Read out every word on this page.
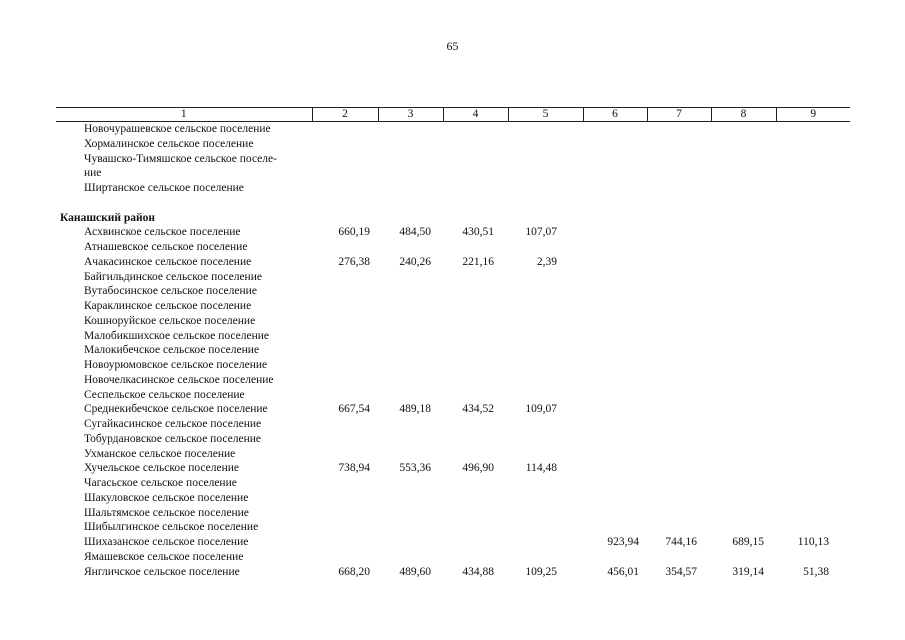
65
1	2	3	4	5	6	7	8	9
Новочурашевское сельское поселение								
Хормалинское сельское поселение								
Чувашско-Тимяшское сельское поселе-								
ние								
Ширтанское сельское поселение								

Канашский район								
Асхвинское сельское поселение	660,19	484,50	430,51	107,07				
Атнашевское сельское поселение								
Ачакасинское сельское поселение	276,38	240,26	221,16	2,39				
Байгильдинское сельское поселение								
Вутабосинское сельское поселение								
Караклинское сельское поселение								
Кошноруйское сельское поселение								
Малобикшихское сельское поселение								
Малокибечское сельское поселение								
Новоурюмовское сельское поселение								
Новочелкасинское сельское поселение								
Сеспельское сельское поселение								
Среднекибечское сельское поселение	667,54	489,18	434,52	109,07				
Сугайкасинское сельское поселение								
Тобурдановское сельское поселение								
Ухманское сельское поселение								
Хучельское сельское поселение	738,94	553,36	496,90	114,48				
Чагасьское сельское поселение								
Шакуловское сельское поселение								
Шальтямское сельское поселение								
Шибылгинское сельское поселение								
Шихазанское сельское поселение					923,94	744,16	689,15	110,13
Ямашевское сельское поселение								
Янгличское сельское поселение	668,20	489,60	434,88	109,25	456,01	354,57	319,14	51,38
